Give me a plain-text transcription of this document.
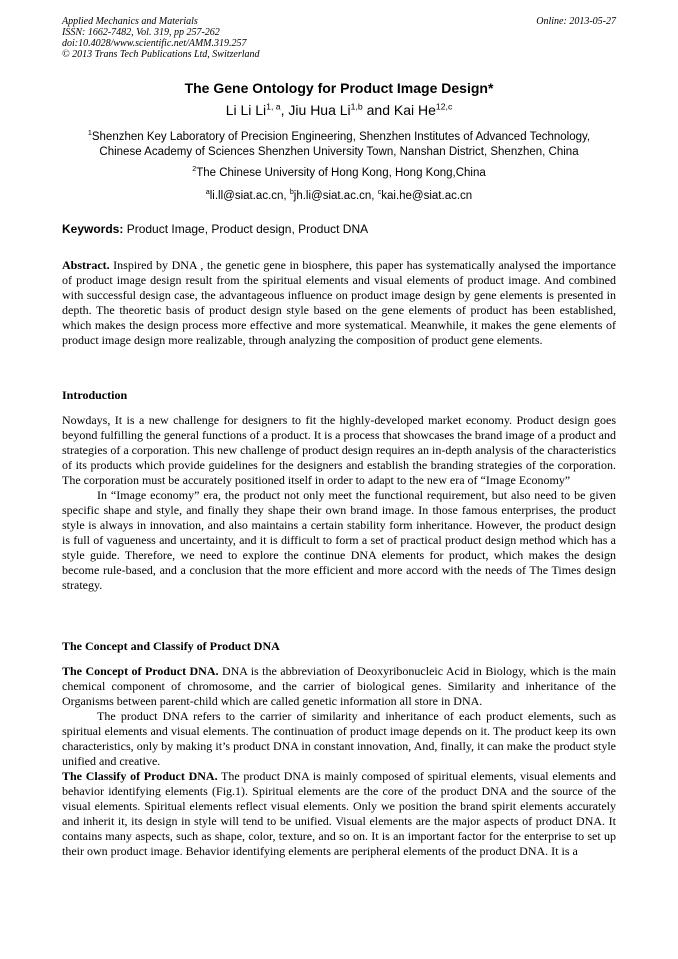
Applied Mechanics and Materials
ISSN: 1662-7482, Vol. 319, pp 257-262
doi:10.4028/www.scientific.net/AMM.319.257
© 2013 Trans Tech Publications Ltd, Switzerland
Online: 2013-05-27
The Gene Ontology for Product Image Design*
Li Li Li$^{1, a}$, Jiu Hua Li$^{1,b}$ and Kai He$^{12,c}$
$^1$Shenzhen Key Laboratory of Precision Engineering, Shenzhen Institutes of Advanced Technology,
Chinese Academy of Sciences Shenzhen University Town, Nanshan District, Shenzhen, China
$^2$The Chinese University of Hong Kong, Hong Kong,China
$^a$li.ll@siat.ac.cn, $^b$jh.li@siat.ac.cn, $^c$kai.he@siat.ac.cn
Keywords: Product Image, Product design, Product DNA

Abstract. Inspired by DNA , the genetic gene in biosphere, this paper has systematically analysed the importance of product image design result from the spiritual elements and visual elements of product image. And combined with successful design case, the advantageous influence on product image design by gene elements is presented in depth. The theoretic basis of product design style based on the gene elements of product has been established, which makes the design process more effective and more systematical. Meanwhile, it makes the gene elements of product image design more realizable, through analyzing the composition of product gene elements.

Introduction

Nowdays, It is a new challenge for designers to fit the highly-developed market economy. Product design goes beyond fulfilling the general functions of a product. It is a process that showcases the brand image of a product and strategies of a corporation. This new challenge of product design requires an in-depth analysis of the characteristics of its products which provide guidelines for the designers and establish the branding strategies of the corporation. The corporation must be accurately positioned itself in order to adapt to the new era of “Image Economy”

In “Image economy” era, the product not only meet the functional requirement, but also need to be given specific shape and style, and finally they shape their own brand image. In those famous enterprises, the product style is always in innovation, and also maintains a certain stability form inheritance. However, the product design is full of vagueness and uncertainty, and it is difficult to form a set of practical product design method which has a style guide. Therefore, we need to explore the continue DNA elements for product, which makes the design become rule-based, and a conclusion that the more efficient and more accord with the needs of The Times design strategy.

The Concept and Classify of Product DNA

The Concept of Product DNA. DNA is the abbreviation of Deoxyribonucleic Acid in Biology, which is the main chemical component of chromosome, and the carrier of biological genes. Similarity and inheritance of the Organisms between parent-child which are called genetic information all store in DNA.

The product DNA refers to the carrier of similarity and inheritance of each product elements, such as spiritual elements and visual elements. The continuation of product image depends on it. The product keep its own characteristics, only by making it’s product DNA in constant innovation, And, finally, it can make the product style unified and creative.

The Classify of Product DNA. The product DNA is mainly composed of spiritual elements, visual elements and behavior identifying elements (Fig.1). Spiritual elements are the core of the product DNA and the source of the visual elements. Spiritual elements reflect visual elements. Only we position the brand spirit elements accurately and inherit it, its design in style will tend to be unified. Visual elements are the major aspects of product DNA. It contains many aspects, such as shape, color, texture, and so on. It is an important factor for the enterprise to set up their own product image. Behavior identifying elements are peripheral elements of the product DNA. It is a
